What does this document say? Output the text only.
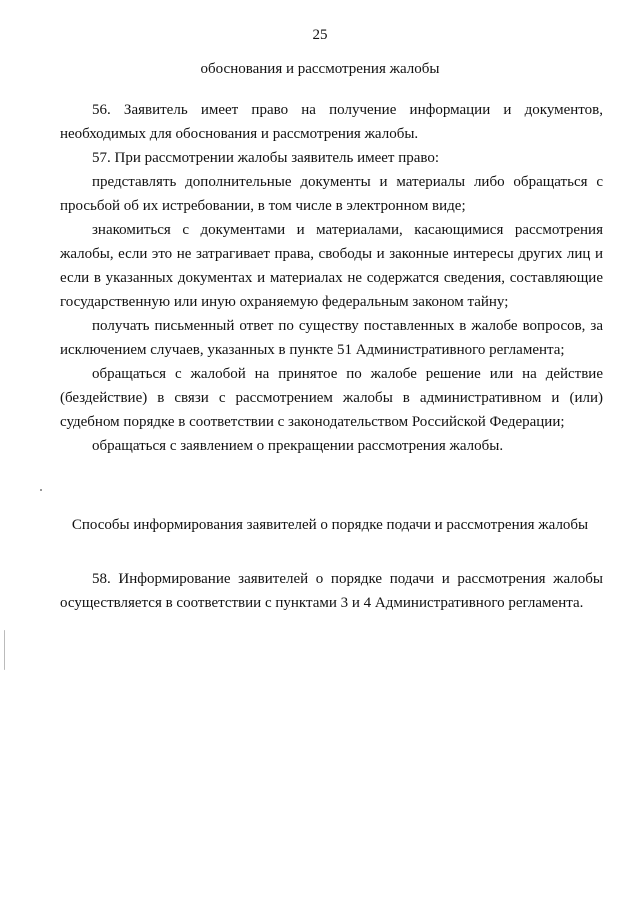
25
обоснования и рассмотрения жалобы

56. Заявитель имеет право на получение информации и документов, необходимых для обоснования и рассмотрения жалобы.

57. При рассмотрении жалобы заявитель имеет право:

представлять дополнительные документы и материалы либо обращаться с просьбой об их истребовании, в том числе в электронном виде;

знакомиться с документами и материалами, касающимися рассмотрения жалобы, если это не затрагивает права, свободы и законные интересы других лиц и если в указанных документах и материалах не содержатся сведения, составляющие государственную или иную охраняемую федеральным законом тайну;

получать письменный ответ по существу поставленных в жалобе вопросов, за исключением случаев, указанных в пункте 51 Административного регламента;

обращаться с жалобой на принятое по жалобе решение или на действие (бездействие) в связи с рассмотрением жалобы в административном и (или) судебном порядке в соответствии с законодательством Российской Федерации;

обращаться с заявлением о прекращении рассмотрения жалобы.

Способы информирования заявителей о порядке подачи и рассмотрения жалобы

58. Информирование заявителей о порядке подачи и рассмотрения жалобы осуществляется в соответствии с пунктами 3 и 4 Административного регламента.
